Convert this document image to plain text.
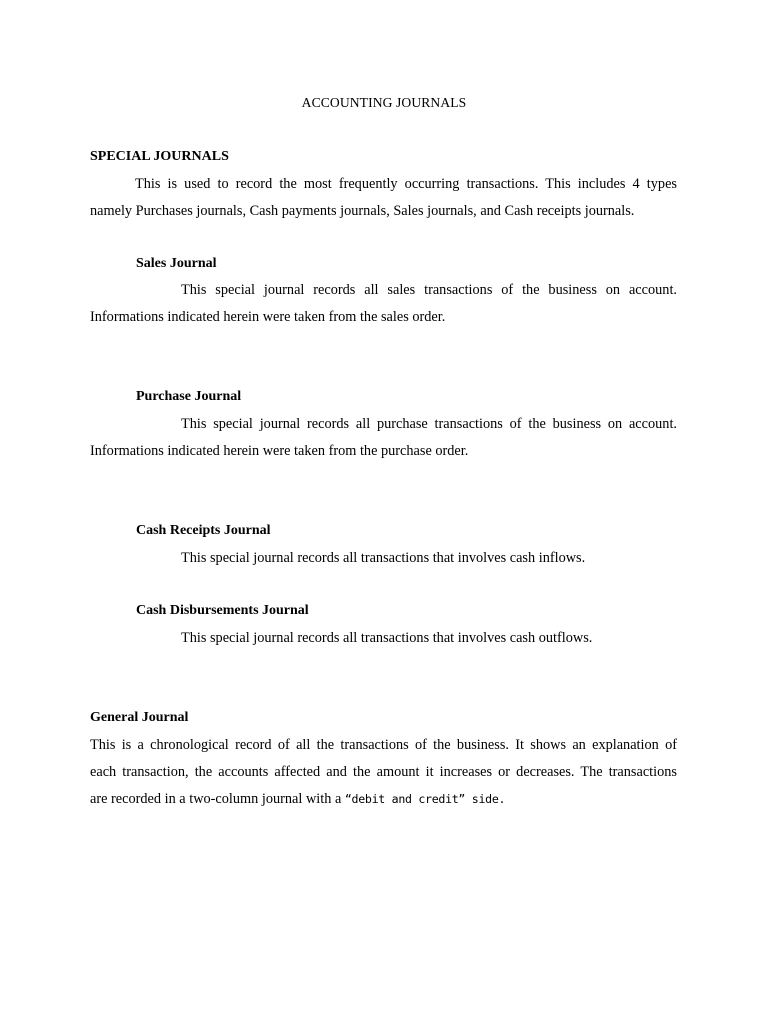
ACCOUNTING JOURNALS
SPECIAL JOURNALS
This is used to record the most frequently occurring transactions. This includes 4 types
namely Purchases journals, Cash payments journals, Sales journals, and Cash receipts journals.
Sales Journal
This special journal records all sales transactions of the business on account.
Informations indicated herein were taken from the sales order.
Purchase Journal
This special journal records all purchase transactions of the business on account.
Informations indicated herein were taken from the purchase order.
Cash Receipts Journal
This special journal records all transactions that involves cash inflows.
Cash Disbursements Journal
This special journal records all transactions that involves cash outflows.
General Journal
This is a chronological record of all the transactions of the business. It shows an explanation of
each transaction, the accounts affected and the amount it increases or decreases. The transactions
are recorded in a two-column journal with a “debit and credit” side.
